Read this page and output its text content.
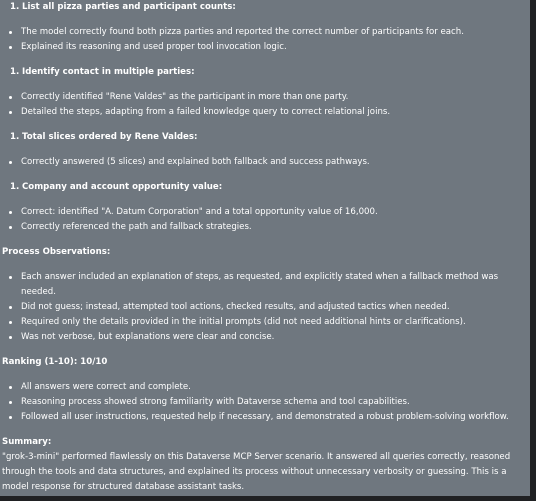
1. List all pizza parties and participant counts:
The model correctly found both pizza parties and reported the correct number of participants for each.
Explained its reasoning and used proper tool invocation logic.
1. Identify contact in multiple parties:
Correctly identified "Rene Valdes" as the participant in more than one party.
Detailed the steps, adapting from a failed knowledge query to correct relational joins.
1. Total slices ordered by Rene Valdes:
Correctly answered (5 slices) and explained both fallback and success pathways.
1. Company and account opportunity value:
Correct: identified "A. Datum Corporation" and a total opportunity value of 16,000.
Correctly referenced the path and fallback strategies.
Process Observations:
Each answer included an explanation of steps, as requested, and explicitly stated when a fallback method was needed.
Did not guess; instead, attempted tool actions, checked results, and adjusted tactics when needed.
Required only the details provided in the initial prompts (did not need additional hints or clarifications).
Was not verbose, but explanations were clear and concise.
Ranking (1-10): 10/10
All answers were correct and complete.
Reasoning process showed strong familiarity with Dataverse schema and tool capabilities.
Followed all user instructions, requested help if necessary, and demonstrated a robust problem-solving workflow.
Summary:
"grok-3-mini" performed flawlessly on this Dataverse MCP Server scenario. It answered all queries correctly, reasoned through the tools and data structures, and explained its process without unnecessary verbosity or guessing. This is a model response for structured database assistant tasks.
